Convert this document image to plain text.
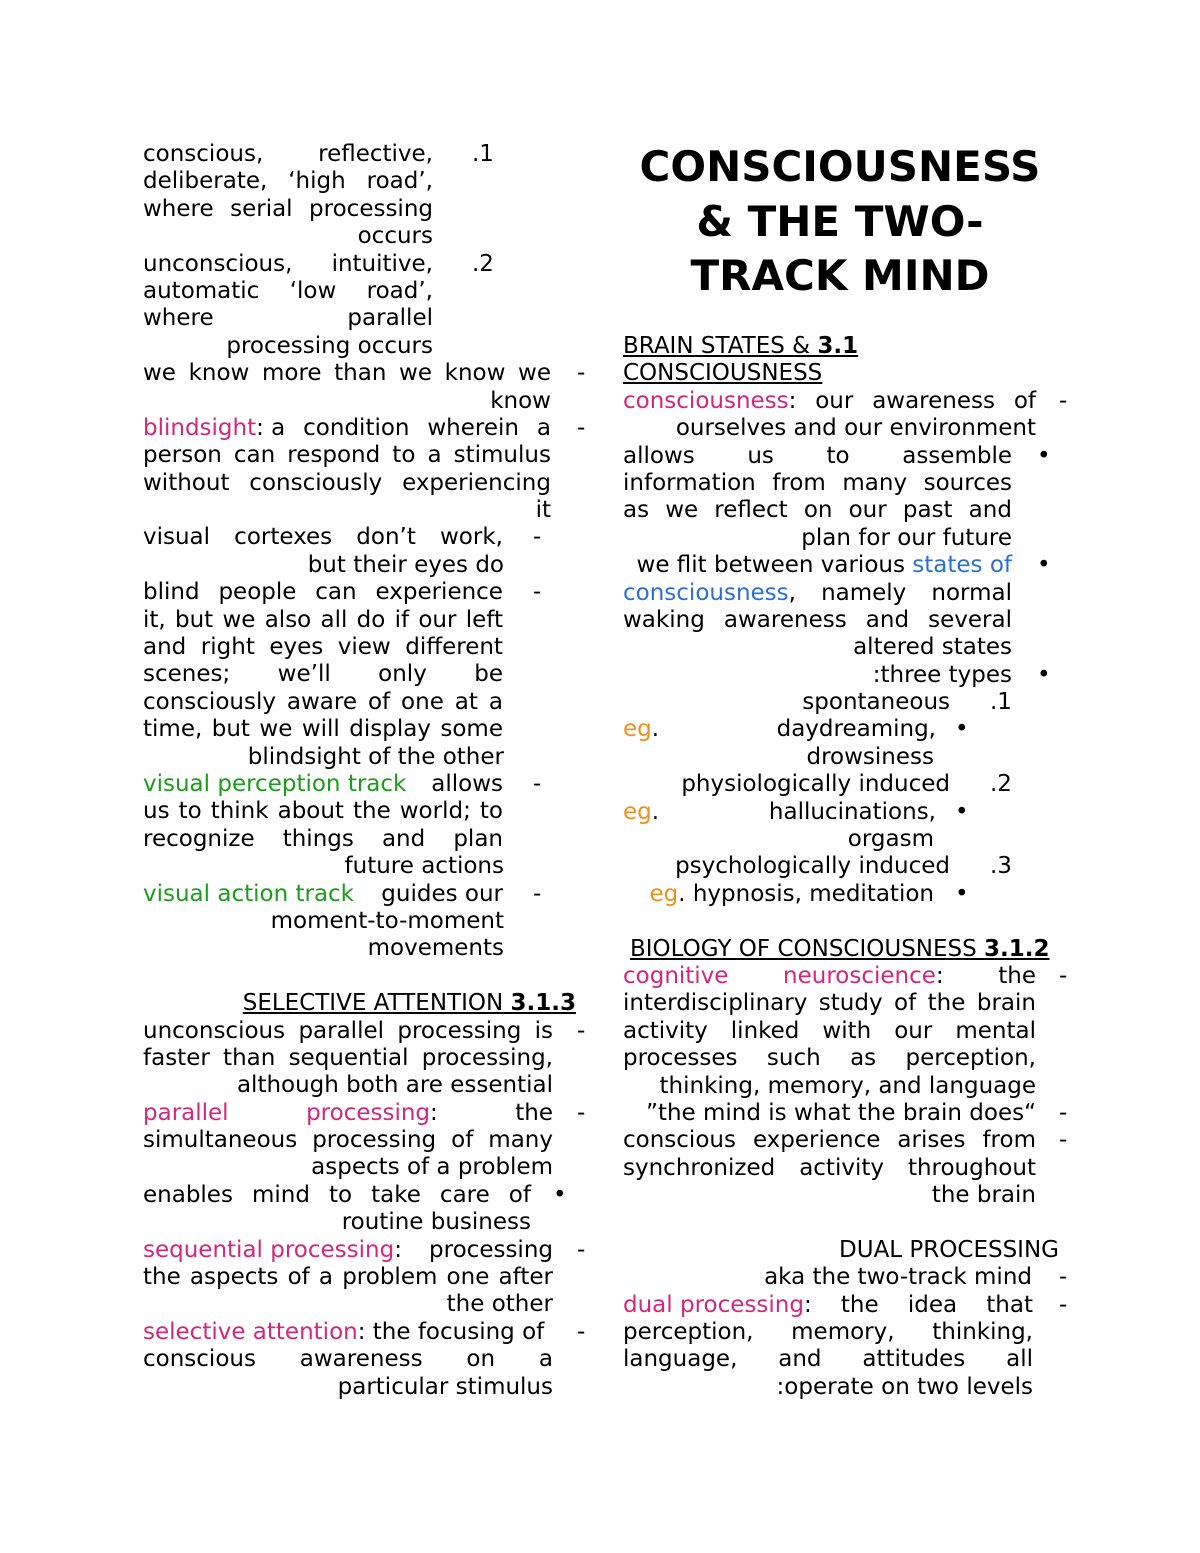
CONSCIOUSNESS
& THE TWO-
TRACK MIND

conscious, reflective,

.1

deliberate, ‘high road’,
where serial processing
occurs

unconscious, intuitive,

.2

automatic ‘low road’,
where	parallel
processing occurs

we know more than we know we

-

know

blindsight: a condition wherein a

-

person can respond to a stimulus
without consciously experiencing
it

visual cortexes don’t work,

-

but their eyes do

blind people can experience

-

it, but we also all do if our left
and right eyes view different
scenes; we’ll only be
consciously aware of one at a
time, but we will display some
blindsight of the other

visual perception track allows

-

us to think about the world; to
recognize things and plan
future actions

visual action track guides our

-

moment-to-moment
movements

SELECTIVE ATTENTION 3.1.3

unconscious parallel processing is

-

faster than sequential processing,
although both are essential

parallel	processing:	the

-

simultaneous processing of many
aspects of a problem

enables mind to take care of

•

routine business

sequential processing: processing

-

the aspects of a problem one after
the other

selective attention: the focusing of

-

conscious awareness on a
particular stimulus

BRAIN STATES & 3.1

CONSCIOUSNESS

consciousness: our awareness of

-

ourselves and our environment

allows us to assemble

•

information from many sources
as we reflect on our past and
plan for our future

we flit between various states of

•

consciousness, namely normal

waking awareness and several
altered states

:three types

•

spontaneous

.1

eg.	daydreaming,

•

drowsiness

physiologically induced

.2

eg.	hallucinations,

•

orgasm

psychologically induced

.3

eg. hypnosis, meditation

•

BIOLOGY OF CONSCIOUSNESS 3.1.2

cognitive neuroscience: the

-

interdisciplinary study of the brain
activity linked with our mental
processes such as perception,
thinking, memory, and language

”the mind is what the brain does“

-

conscious experience arises from

-

synchronized activity throughout
the brain

DUAL PROCESSING

aka the two-track mind

-

dual processing: the idea that

-

perception, memory, thinking,
language, and attitudes all
:operate on two levels
